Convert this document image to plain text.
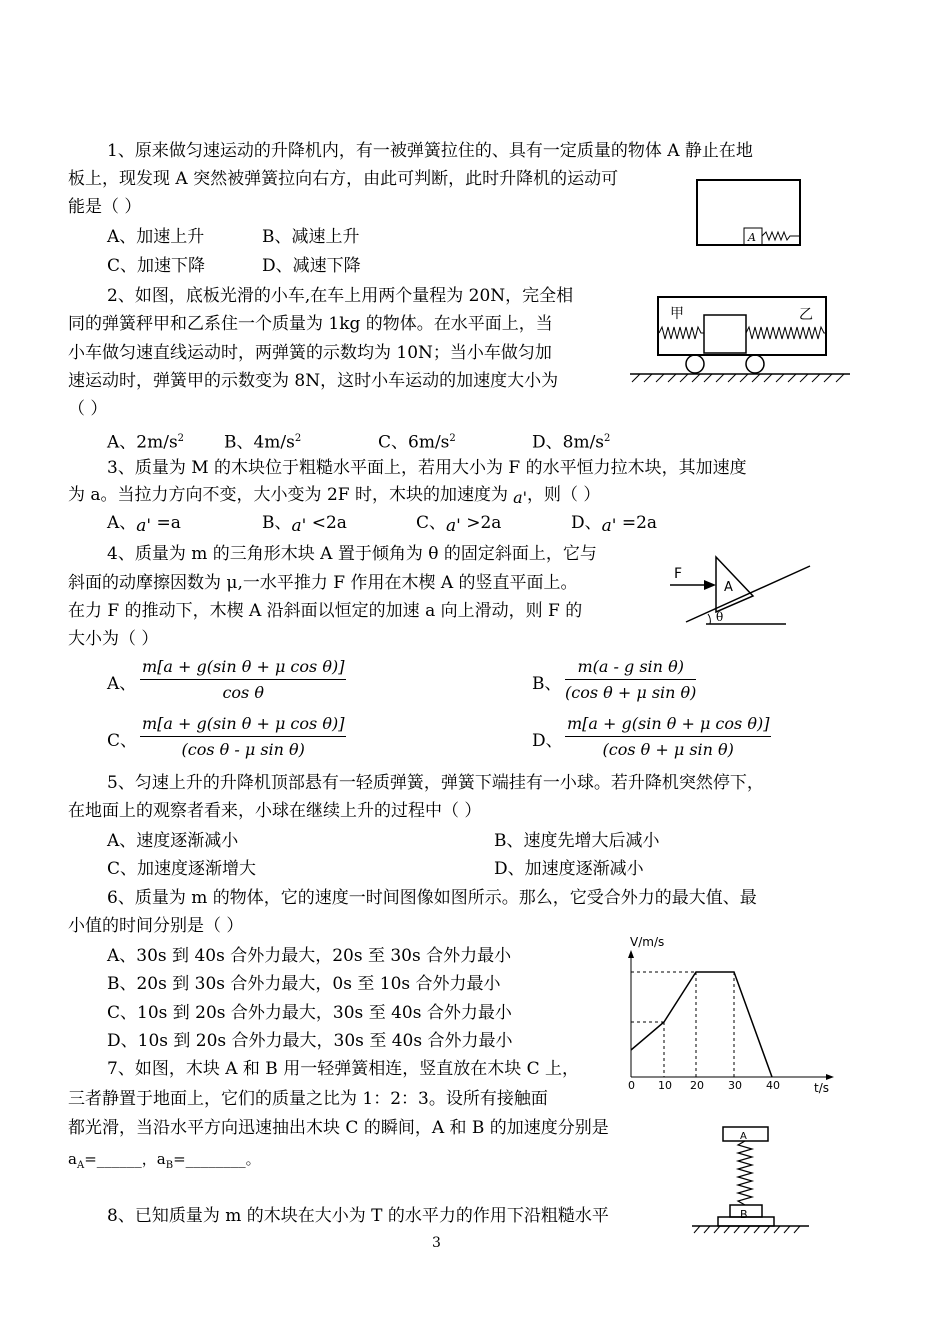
1、原来做匀速运动的升降机内，有一被弹簧拉住的、具有一定质量的物体 A 静止在地
板上，现发现 A 突然被弹簧拉向右方，由此可判断，此时升降机的运动可
能是（ ）
A、加速上升	B、减速上升
C、加速下降	D、减速下降
A
2、如图，底板光滑的小车,在车上用两个量程为 20N，完全相
同的弹簧秤甲和乙系住一个质量为 1kg 的物体。在水平面上，当
小车做匀速直线运动时，两弹簧的示数均为 10N；当小车做匀加
速运动时，弹簧甲的示数变为 8N，这时小车运动的加速度大小为
（ ）
A、$2m/s^2$ B、$4m/s^2$	C、$6m/s^2$	D、$8m/s^2$
甲	乙
3、质量为 M 的木块位于粗糙水平面上，若用大小为 F 的水平恒力拉木块，其加速度
为 a。当拉力方向不变，大小变为 2F 时，木块的加速度为 a'，则（ ）
A、a' =a	B、a' <2a	C、a' >2a	D、a' =2a
4、质量为 m 的三角形木块 A 置于倾角为 θ 的固定斜面上，它与
斜面的动摩擦因数为 μ,一水平推力 F 作用在木楔 A 的竖直平面上。
在力 F 的推动下，木楔 A 沿斜面以恒定的加速 a 向上滑动，则 F 的
大小为（ ）
F
A
θ
A、 $\frac{\text{m[a + g(sin θ + μ cos θ)]}}{\text{cos θ}}$	B、 $\frac{\text{m(a - g sin θ)}}{\text{(cos θ + μ sin θ)}}$
C、 $\frac{\text{m[a + g(sin θ + μ cos θ)]}}{\text{(cos θ - μ sin θ)}}$	D、 $\frac{\text{m[a + g(sin θ + μ cos θ)]}}{\text{(cos θ + μ sin θ)}}$
5、匀速上升的升降机顶部悬有一轻质弹簧，弹簧下端挂有一小球。若升降机突然停下，
在地面上的观察者看来，小球在继续上升的过程中（ ）
A、速度逐渐减小	B、速度先增大后减小
C、加速度逐渐增大	D、加速度逐渐减小
6、质量为 m 的物体，它的速度一时间图像如图所示。那么，它受合外力的最大值、最
小值的时间分别是（ ）
A、30s 到 40s 合外力最大，20s 至 30s 合外力最小
B、20s 到 30s 合外力最大，0s 至 10s 合外力最小
C、10s 到 20s 合外力最大，30s 至 40s 合外力最小
D、10s 到 20s 合外力最大，30s 至 40s 合外力最小
V/m/s
t/s
0 10 20 30 40
7、如图，木块 A 和 B 用一轻弹簧相连，竖直放在木块 C 上，
三者静置于地面上，它们的质量之比为 1：2：3。设所有接触面
都光滑，当沿水平方向迅速抽出木块 C 的瞬间，A 和 B 的加速度分别是
$a_A=\_\_\_\_\_\_$，$a_B=\_\_\_\_\_\_\_\_$。
A
B
8、已知质量为 m 的木块在大小为 T 的水平力的作用下沿粗糙水平
3
